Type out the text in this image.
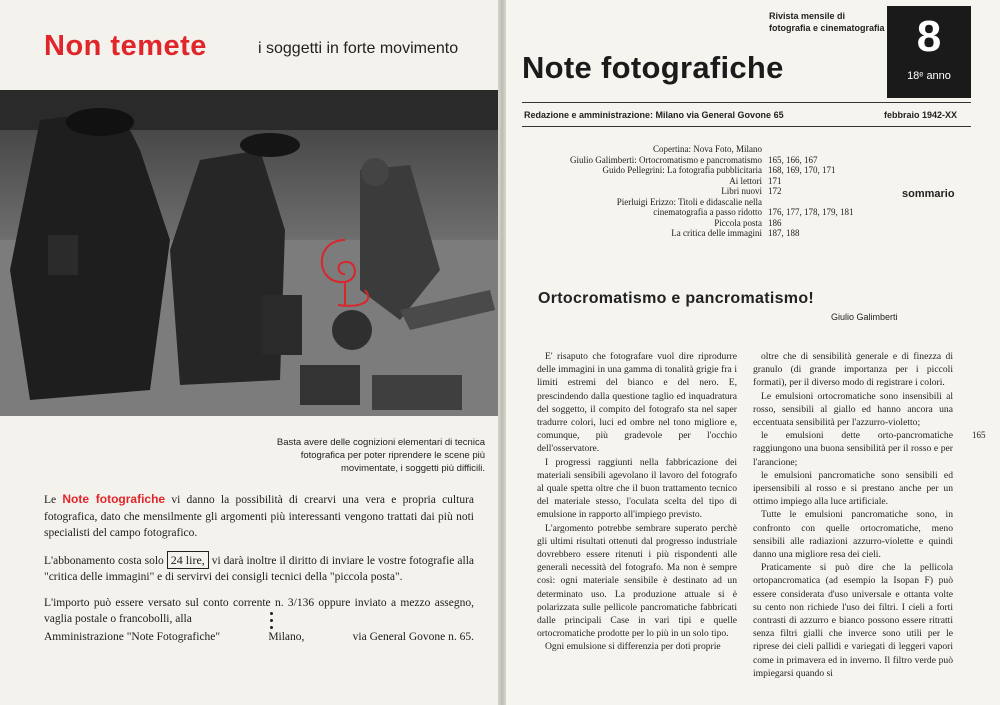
Non temete	i soggetti in forte movimento
Basta avere delle cognizioni elementari di tecnica fotografica per poter riprendere le scene più movimentate, i soggetti più difficili.

Le Note fotografiche vi danno la possibilità di crearvi una vera e propria cultura fotografica, dato che mensilmente gli argomenti più interessanti vengono trattati dai più noti specialisti del campo fotografico.

L'abbonamento costa solo 24 lire, vi darà inoltre il diritto di inviare le vostre fotografie alla "critica delle immagini" e di servirvi dei consigli tecnici della "piccola posta".

L'importo può essere versato sul conto corrente n. 3/136 oppure inviato a mezzo assegno, vaglia postale o francobolli, alla

Amministrazione "Note Fotografiche"	Milano,	via General Govone n. 65.
Rivista mensile di
fotografia e cinematografia
Note fotografiche
8
18ᵉ anno
Redazione e amministrazione: Milano via General Govone 65	febbraio 1942-XX
Copertina: Nova Foto, Milano
Giulio Galimberti: Ortocromatismo e pancromatismo 165, 166, 167
Guido Pellegrini: La fotografia pubblicitaria 168, 169, 170, 171
Ai lettori 171
Libri nuovi 172
Pierluigi Erizzo: Titoli e didascalie nella
cinematografia a passo ridotto 176, 177, 178, 179, 181
Piccola posta 186
La critica delle immagini 187, 188
sommario
Ortocromatismo e pancromatismo!
Giulio Galimberti

E' risaputo che fotografare vuol dire riprodurre delle immagini in una gamma di tonalità grigie fra i limiti estremi del bianco e del nero. E, prescindendo dalla questione taglio ed inquadratura del soggetto, il compito del fotografo sta nel saper tradurre colori, luci ed ombre nel tono migliore e, comunque, più gradevole per l'occhio dell'osservatore.

I progressi raggiunti nella fabbricazione dei materiali sensibili agevolano il lavoro del fotografo al quale spetta oltre che il buon trattamento tecnico del materiale stesso, l'oculata scelta del tipo di emulsione in rapporto all'impiego previsto.

L'argomento potrebbe sembrare superato perchè gli ultimi risultati ottenuti dal progresso industriale dovrebbero essere ritenuti i più rispondenti alle generali necessità del fotografo. Ma non è sempre così: ogni materiale sensibile è destinato ad un determinato uso. La produzione attuale si è polarizzata sulle pellicole pancromatiche fabbricati dalle principali Case in vari tipi e quelle ortocromatiche prodotte per lo più in un solo tipo.

Ogni emulsione si differenzia per doti proprie

oltre che di sensibilità generale e di finezza di granulo (di grande importanza per i piccoli formati), per il diverso modo di registrare i colori.

Le emulsioni ortocromatiche sono insensibili al rosso, sensibili al giallo ed hanno ancora una eccentuata sensibilità per l'azzurro-violetto;

le emulsioni dette orto-pancromatiche raggiungono una buona sensibilità per il rosso e per l'arancione;

le emulsioni pancromatiche sono sensibili ed ipersensibili al rosso e si prestano anche per un ottimo impiego alla luce artificiale.

Tutte le emulsioni pancromatiche sono, in confronto con quelle ortocromatiche, meno sensibili alle radiazioni azzurro-violette e quindi danno una migliore resa dei cieli.

Praticamente si può dire che la pellicola ortopancromatica (ad esempio la Isopan F) può essere considerata d'uso universale e ottanta volte su cento non richiede l'uso dei filtri. I cieli a forti contrasti di azzurro e bianco possono essere ritratti senza filtri gialli che inverce sono utili per le riprese dei cieli pallidi e variegati di leggeri vapori come in primavera ed in inverno. Il filtro verde può impiegarsi quando si

165
